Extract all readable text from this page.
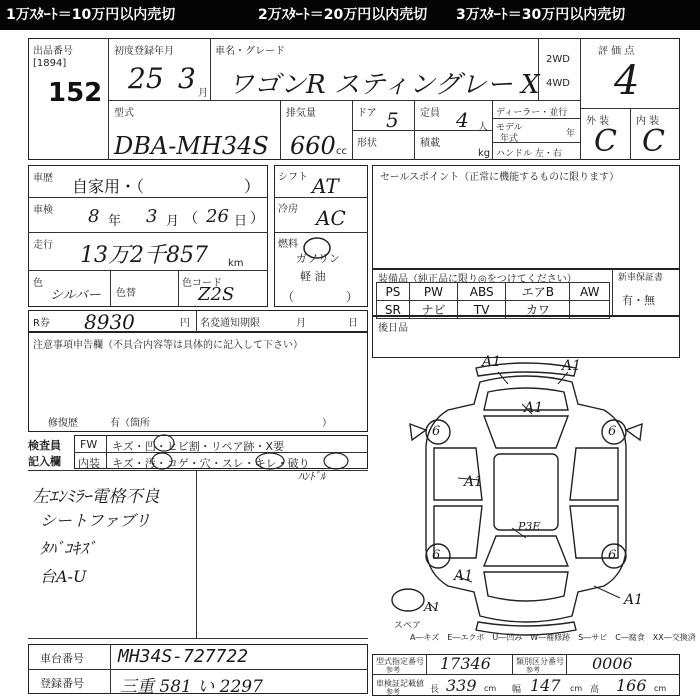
1万ｽﾀｰﾄ＝10万円以内売切	2万ｽﾀｰﾄ＝20万円以内売切 3万ｽﾀｰﾄ＝30万円以内売切
出品番号
[1894]
152
初度登録年月
25 3 月
車名・グレード
ワゴンR スティングレー X
2WD
4WD
評 価 点
4
外 装	内 装
C C
型式
DBA-MH34S
排気量
660 cc
ドア 5 定員 4 人
形状	積載
kg
ディーラー・並行
モデル
年式	年
ハンドル 左・右
車歴 自家用・（	）
車検 8 年 3 月 （ 26 日 ）
走行 13万2千857 km
色
シルバー 色替
色コード
Z2S
シフト AT
冷房 AC
燃料
ガソリン
軽 油
（	）
セールスポイント（正常に機能するものに限ります）
装備品（純正品に限り◎をつけてください）	新車保証書
有・無
PS	PW	ABS	エアB	AW
SR	ナビ	TV	カワ	
R券 8930	円 名変通知期限	月	日 後日品
注意事項申告欄（不具合内容等は具体的に記入して下さい）
修復歴	有（箇所	）
検査員
記入欄
FW キズ・凹・ヒビ割・リペア跡・X要
内装 キズ・汚・コゲ・穴・スレ・キレ・破り
ﾊﾝﾄﾞﾙ
左ｴﾝﾐﾗｰ電格不良
シートファブリ
ﾀﾊﾞｺｷｽﾞ
台A-U
A1	A1
A1
A1
A1
P3E
6	6
6	6
A1
A1
スペア
A―キズ　E―エクボ　U―凹み　W―補修跡　S―サビ　C―腐食　XX―交換済
車台番号 MH34S-727722
登録番号 三重 581 い 2297
型式指定番号
参考	17346	類別区分番号
参考	0006
車検証記載値
参考	長 339 cm 幅 147 cm 高 166 cm
